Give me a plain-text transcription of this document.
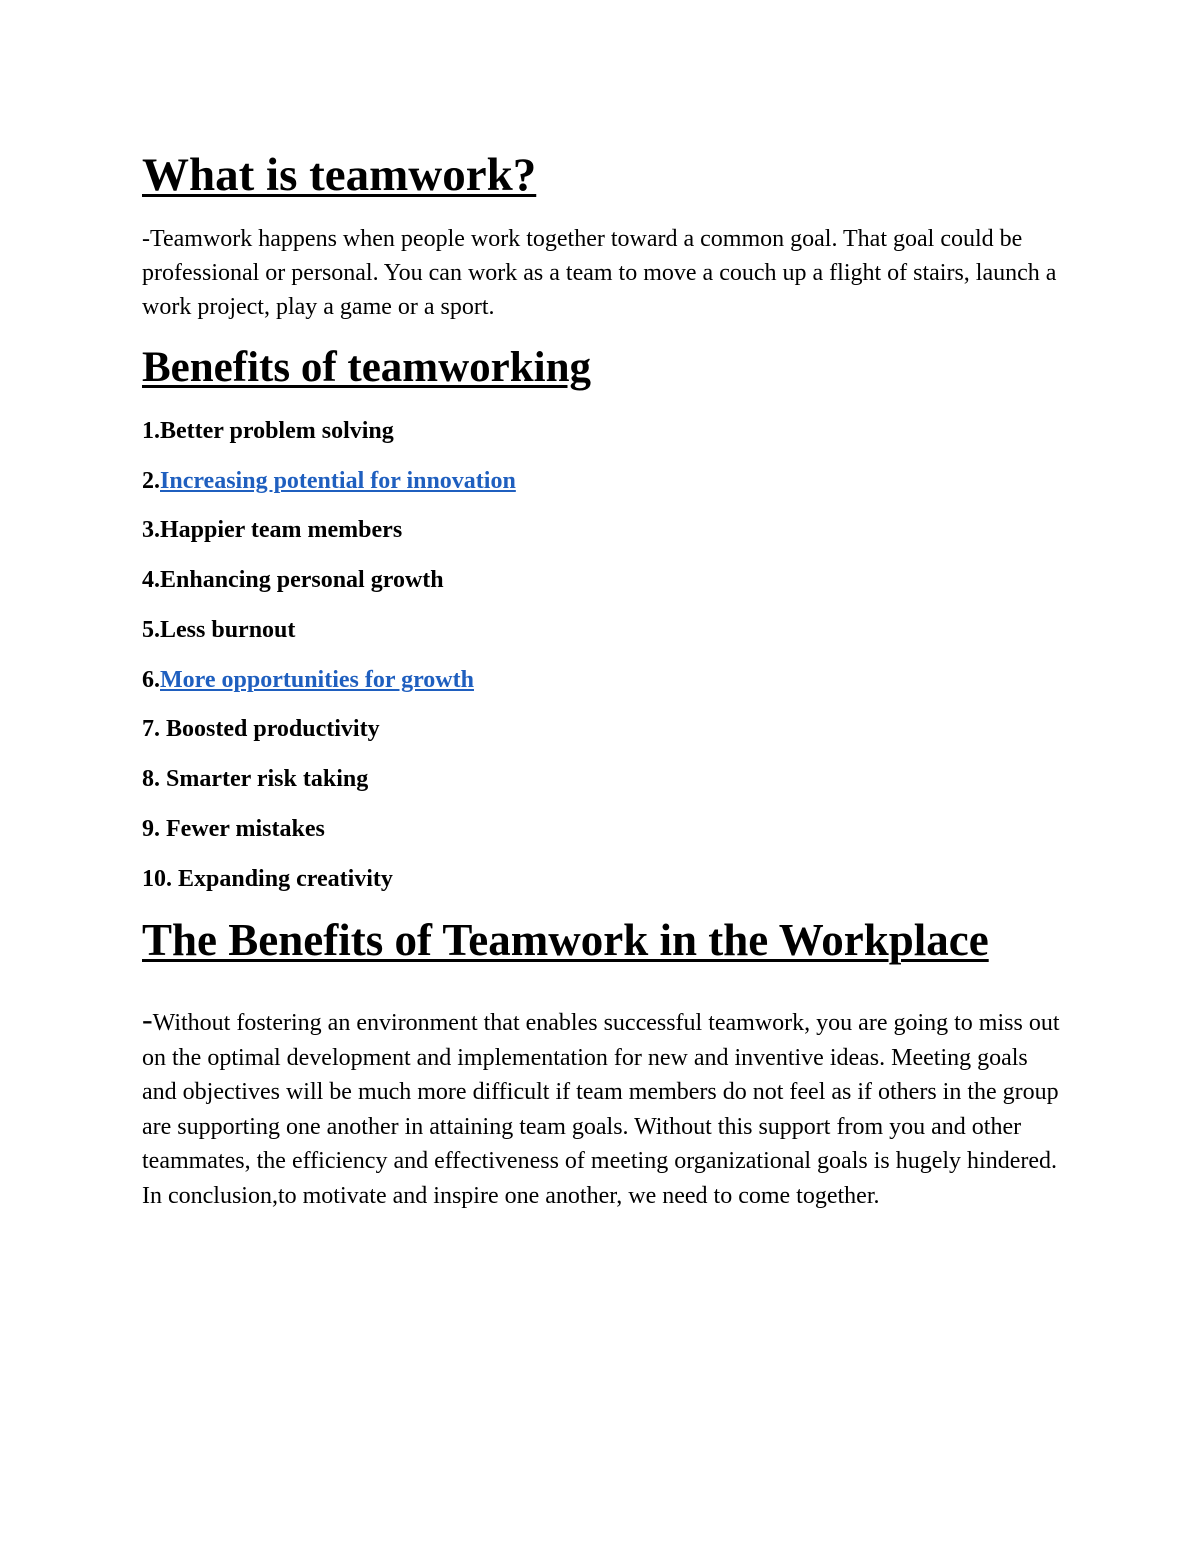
What is teamwork?

-Teamwork happens when people work together toward a common goal. That goal could be professional or personal. You can work as a team to move a couch up a flight of stairs, launch a work project, play a game or a sport.

Benefits of teamworking

1.Better problem solving

2.Increasing potential for innovation

3.Happier team members

4.Enhancing personal growth

5.Less burnout

6.More opportunities for growth

7. Boosted productivity

8. Smarter risk taking

9. Fewer mistakes

10. Expanding creativity

The Benefits of Teamwork in the Workplace

-Without fostering an environment that enables successful teamwork, you are going to miss out on the optimal development and implementation for new and inventive ideas. Meeting goals and objectives will be much more difficult if team members do not feel as if others in the group are supporting one another in attaining team goals. Without this support from you and other teammates, the efficiency and effectiveness of meeting organizational goals is hugely hindered. In conclusion,to motivate and inspire one another, we need to come together.
